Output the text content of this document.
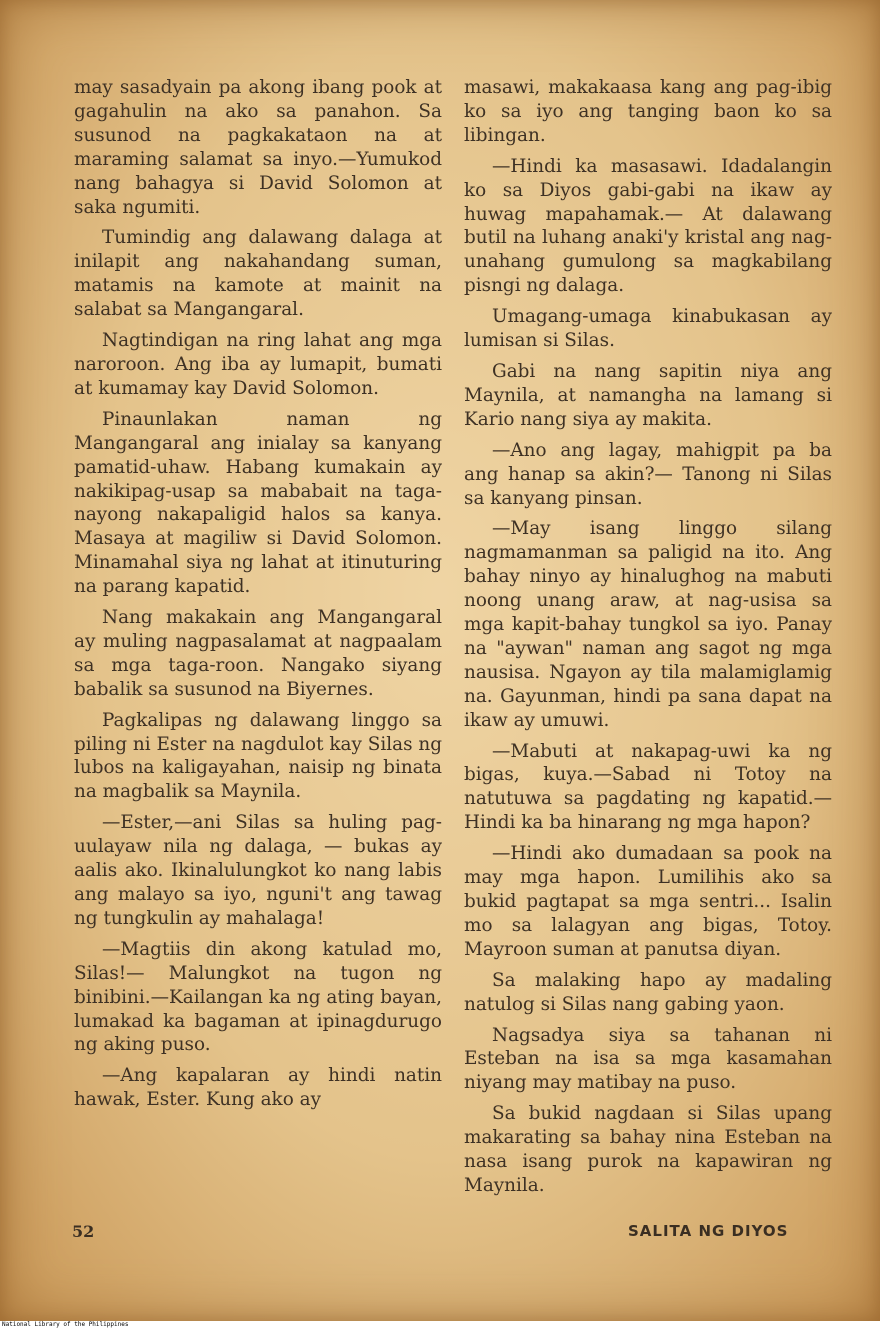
may sasadyain pa akong ibang pook at gagahulin na ako sa panahon. Sa susunod na pagkakataon na at maraming salamat sa inyo.—Yumukod nang bahagya si David Solomon at saka ngumiti.

Tumindig ang dalawang dalaga at inilapit ang nakahandang suman, matamis na kamote at mainit na salabat sa Mangangaral.

Nagtindigan na ring lahat ang mga naroroon. Ang iba ay lumapit, bumati at kumamay kay David Solomon.

Pinaunlakan naman ng Mangangaral ang inialay sa kanyang pamatid-uhaw. Habang kumakain ay nakikipag-usap sa mababait na taga-nayong nakapaligid halos sa kanya. Masaya at magiliw si David Solomon. Minamahal siya ng lahat at itinuturing na parang kapatid.

Nang makakain ang Mangangaral ay muling nagpasalamat at nagpaalam sa mga taga-roon. Nangako siyang babalik sa susunod na Biyernes.

Pagkalipas ng dalawang linggo sa piling ni Ester na nagdulot kay Silas ng lubos na kaligayahan, naisip ng binata na magbalik sa Maynila.

—Ester,—ani Silas sa huling pag-uulayaw nila ng dalaga, — bukas ay aalis ako. Ikinalulungkot ko nang labis ang malayo sa iyo, nguni't ang tawag ng tungkulin ay mahalaga!

—Magtiis din akong katulad mo, Silas!— Malungkot na tugon ng binibini.—Kailangan ka ng ating bayan, lumakad ka bagaman at ipinagdurugo ng aking puso.

—Ang kapalaran ay hindi natin hawak, Ester. Kung ako ay

masawi, makakaasa kang ang pag-ibig ko sa iyo ang tanging baon ko sa libingan.

—Hindi ka masasawi. Idadalangin ko sa Diyos gabi-gabi na ikaw ay huwag mapahamak.— At dalawang butil na luhang anaki'y kristal ang nag-unahang gumulong sa magkabilang pisngi ng dalaga.

Umagang-umaga kinabukasan ay lumisan si Silas.

Gabi na nang sapitin niya ang Maynila, at namangha na lamang si Kario nang siya ay makita.

—Ano ang lagay, mahigpit pa ba ang hanap sa akin?— Tanong ni Silas sa kanyang pinsan.

—May isang linggo silang nagmamanman sa paligid na ito. Ang bahay ninyo ay hinalughog na mabuti noong unang araw, at nag-usisa sa mga kapit-bahay tungkol sa iyo. Panay na "aywan" naman ang sagot ng mga nausisa. Ngayon ay tila malamiglamig na. Gayunman, hindi pa sana dapat na ikaw ay umuwi.

—Mabuti at nakapag-uwi ka ng bigas, kuya.—Sabad ni Totoy na natutuwa sa pagdating ng kapatid.—Hindi ka ba hinarang ng mga hapon?

—Hindi ako dumadaan sa pook na may mga hapon. Lumilihis ako sa bukid pagtapat sa mga sentri... Isalin mo sa lalagyan ang bigas, Totoy. Mayroon suman at panutsa diyan.

Sa malaking hapo ay madaling natulog si Silas nang gabing yaon.

Nagsadya siya sa tahanan ni Esteban na isa sa mga kasamahan niyang may matibay na puso.

Sa bukid nagdaan si Silas upang makarating sa bahay nina Esteban na nasa isang purok na kapawiran ng Maynila.

52	SALITA NG DIYOS
National Library of the Philippines
